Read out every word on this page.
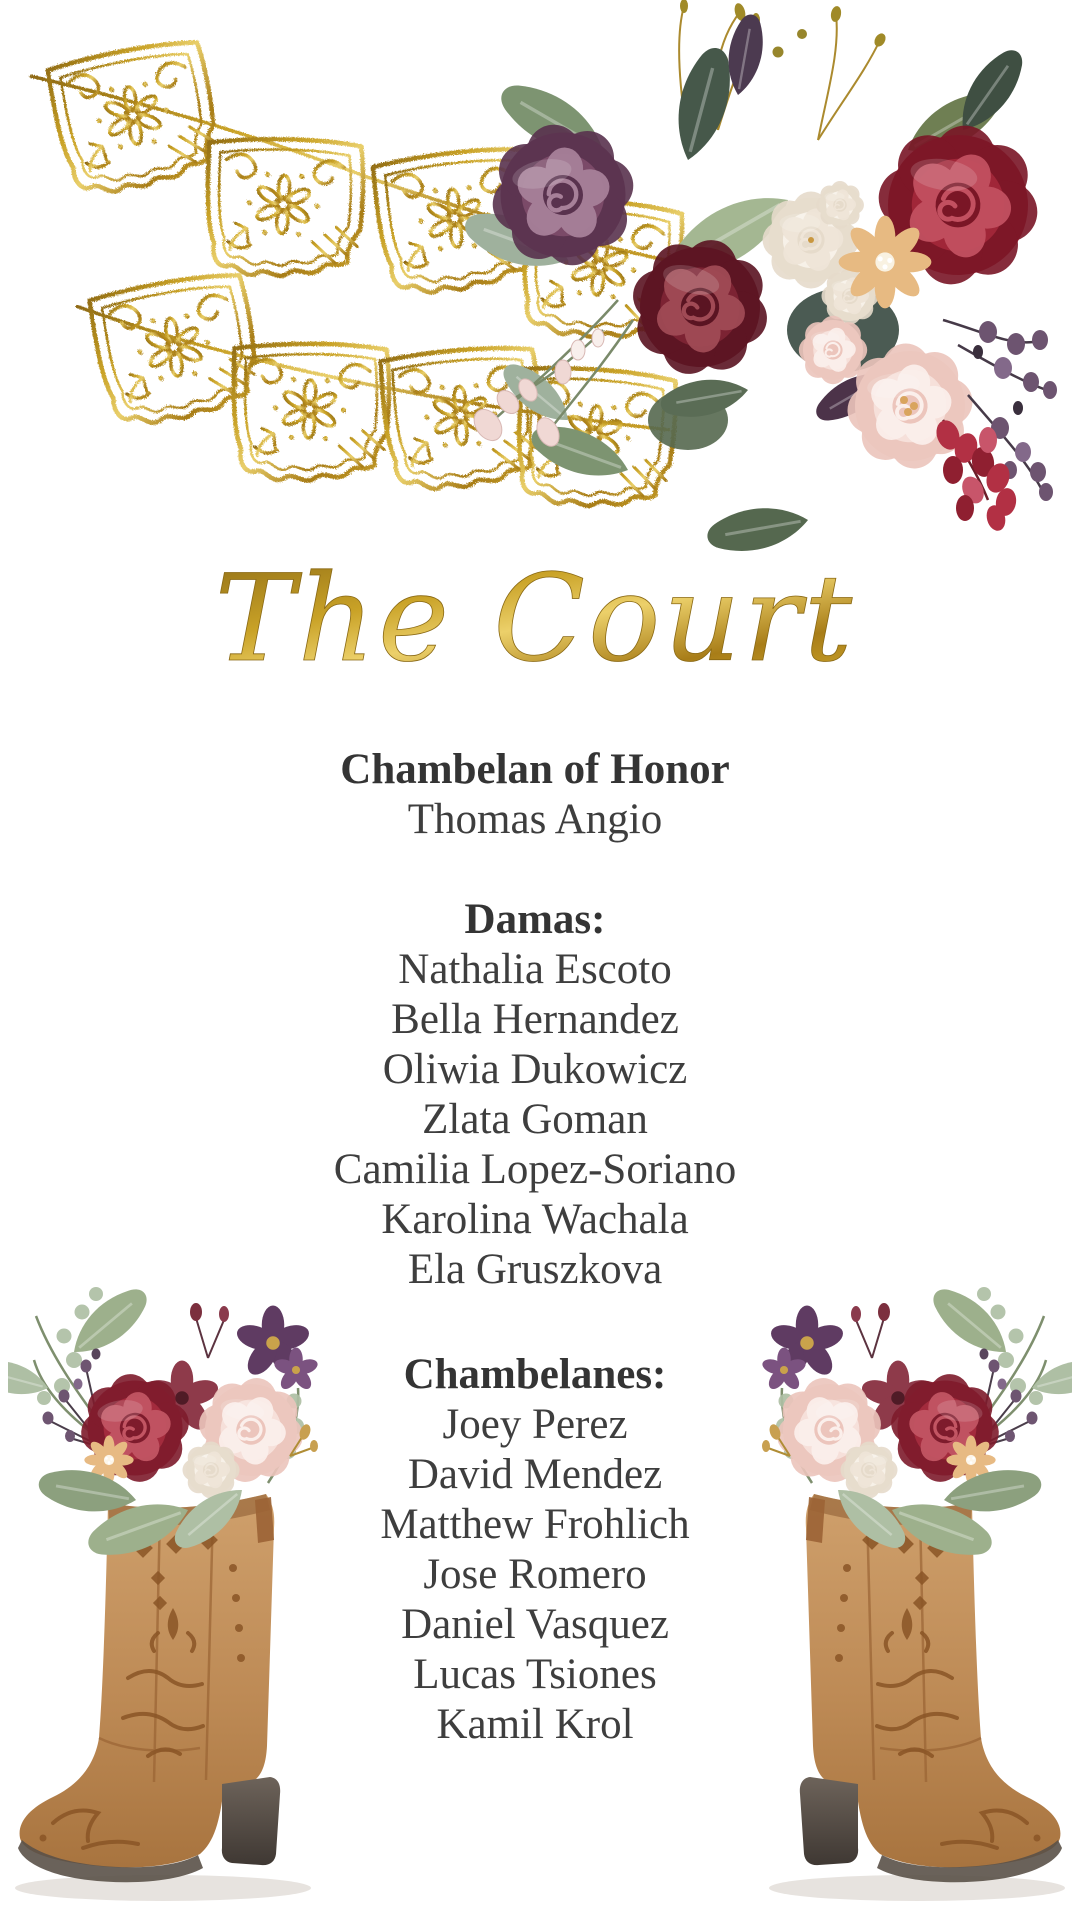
The Court
Chambelan of Honor
Thomas Angio
Damas:
Nathalia Escoto
Bella Hernandez
Oliwia Dukowicz
Zlata Goman
Camilia Lopez-Soriano
Karolina Wachala
Ela Gruszkova
Chambelanes:
Joey Perez
David Mendez
Matthew Frohlich
Jose Romero
Daniel Vasquez
Lucas Tsiones
Kamil Krol
